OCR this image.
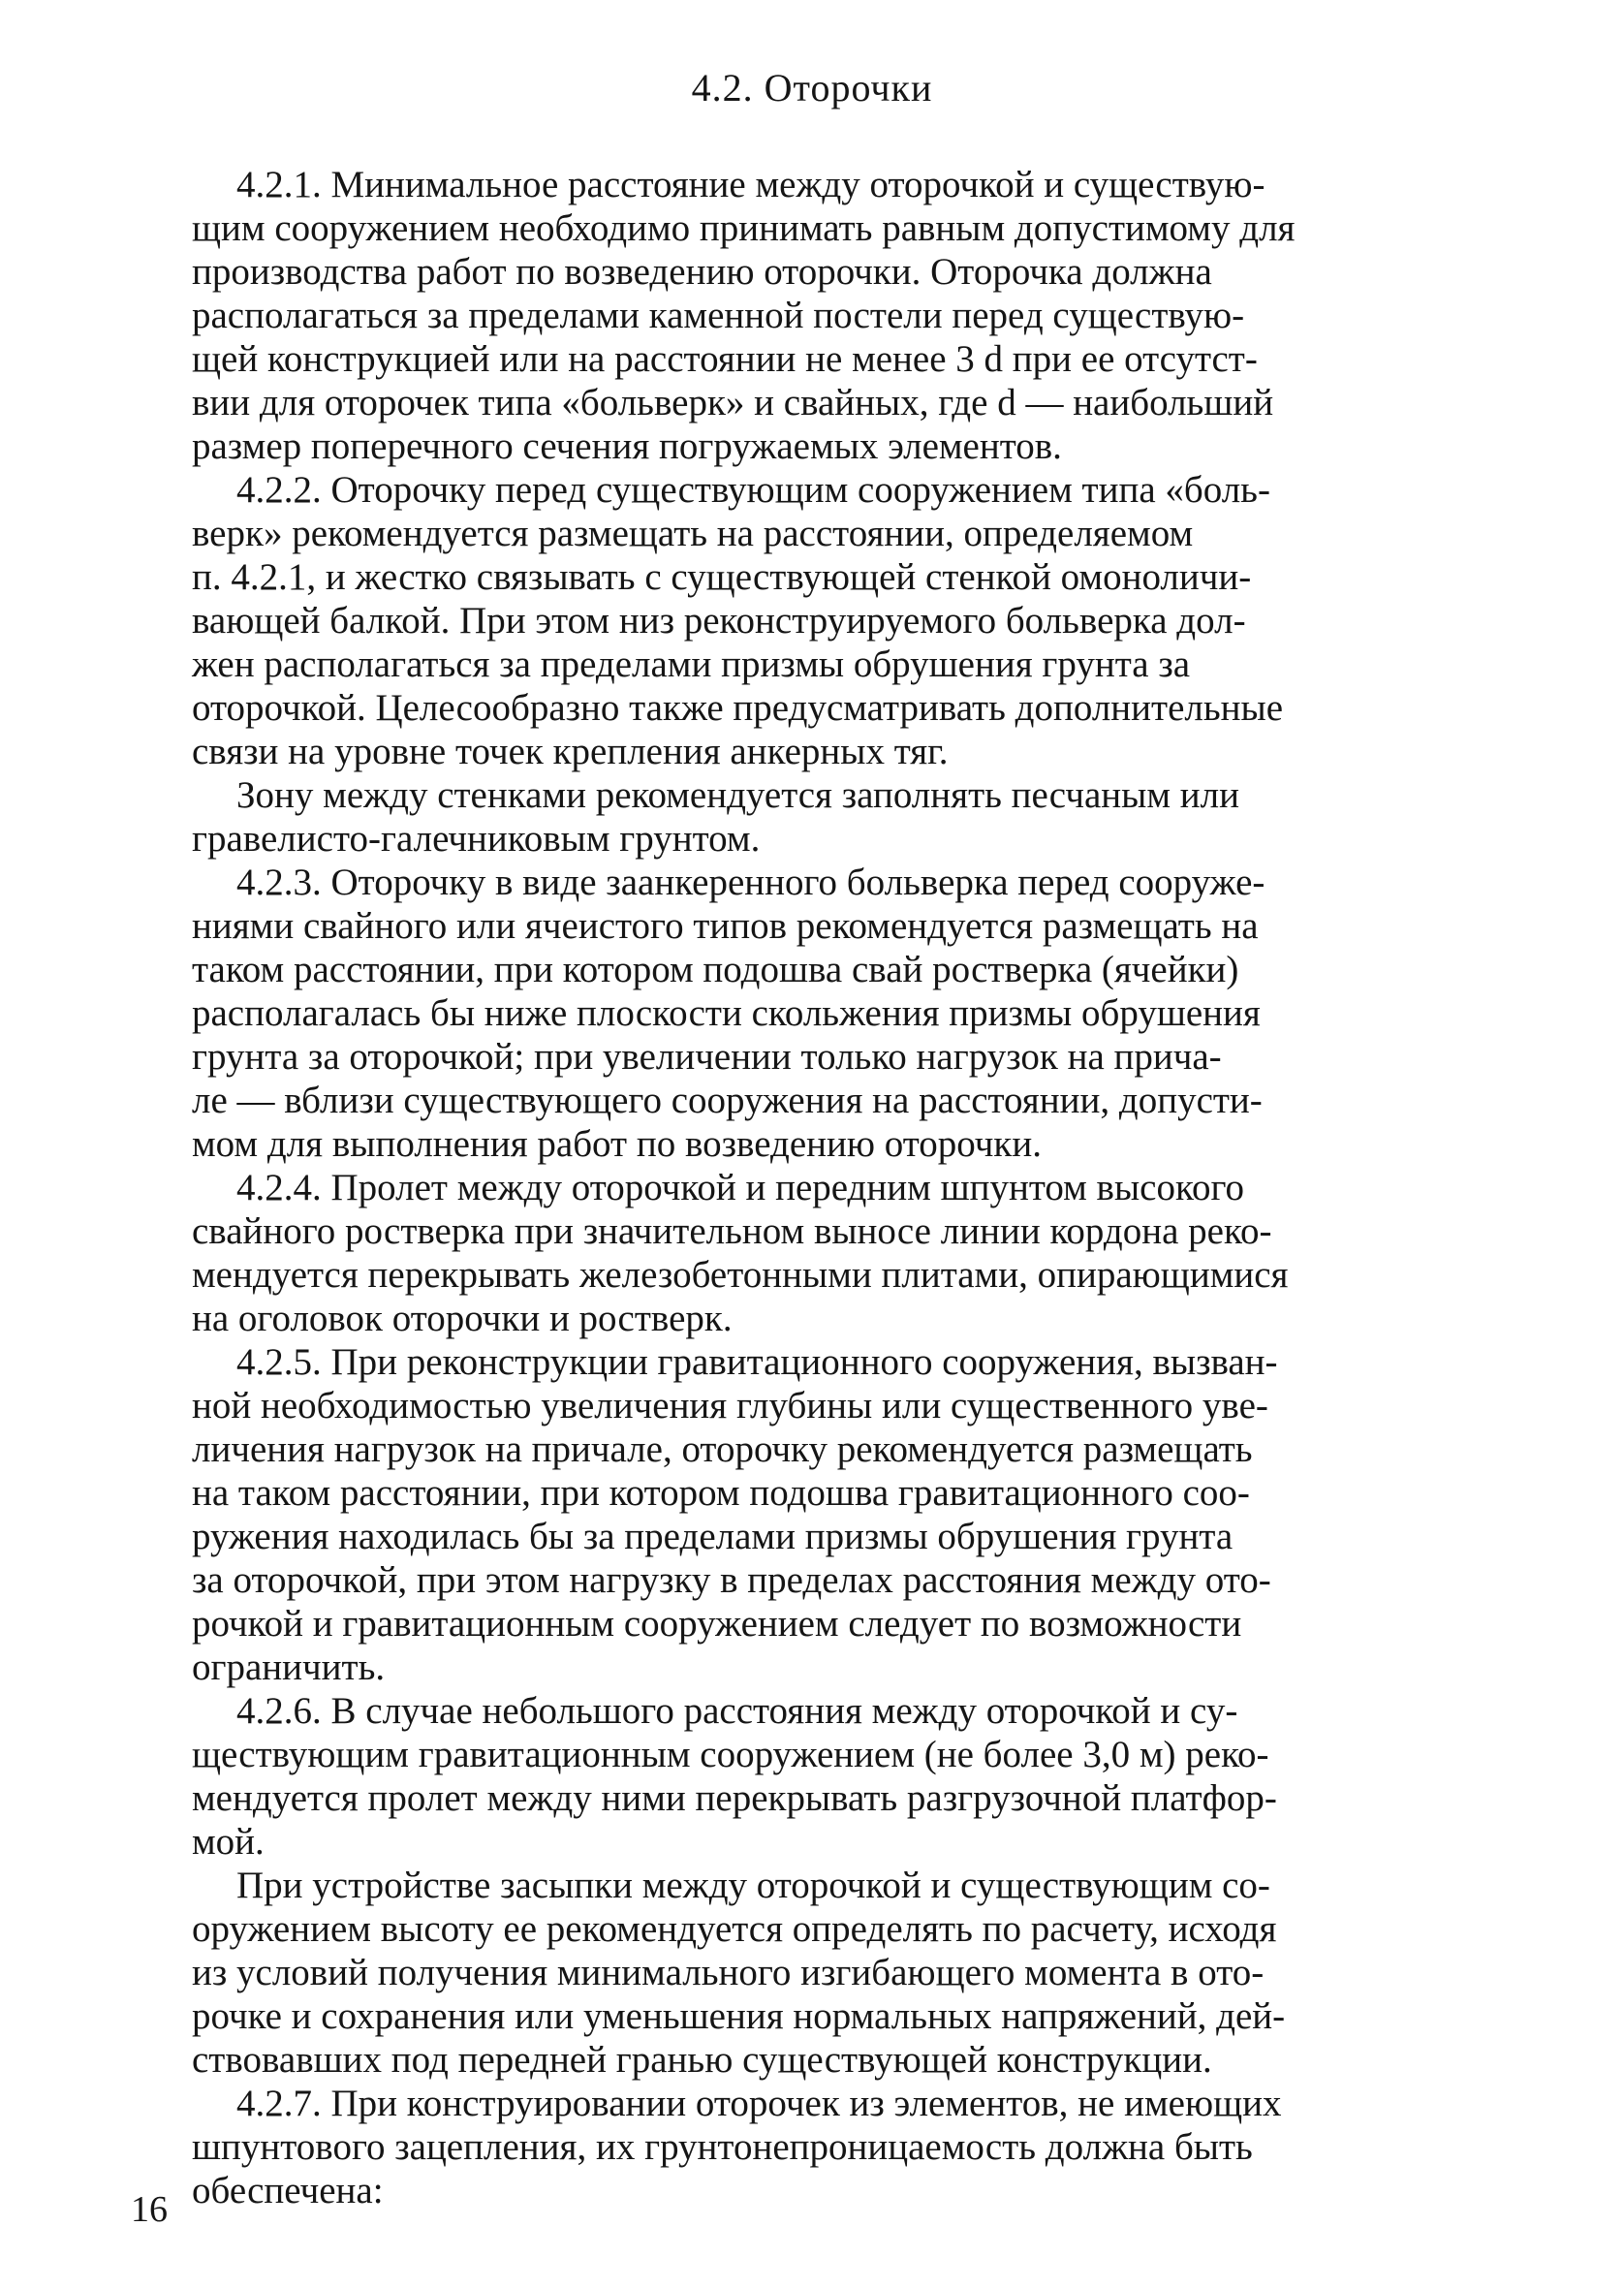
4.2. Оторочки

4.2.1. Минимальное расстояние между оторочкой и существую-
щим сооружением необходимо принимать равным допустимому для
производства работ по возведению оторочки. Оторочка должна
располагаться за пределами каменной постели перед существую-
щей конструкцией или на расстоянии не менее 3 d при ее отсутст-
вии для оторочек типа «больверк» и свайных, где d — наибольший
размер поперечного сечения погружаемых элементов.

4.2.2. Оторочку перед существующим сооружением типа «боль-
верк» рекомендуется размещать на расстоянии, определяемом
п. 4.2.1, и жестко связывать с существующей стенкой омоноличи-
вающей балкой. При этом низ реконструируемого больверка дол-
жен располагаться за пределами призмы обрушения грунта за
оторочкой. Целесообразно также предусматривать дополнительные
связи на уровне точек крепления анкерных тяг.

Зону между стенками рекомендуется заполнять песчаным или
гравелисто-галечниковым грунтом.

4.2.3. Оторочку в виде заанкеренного больверка перед сооруже-
ниями свайного или ячеистого типов рекомендуется размещать на
таком расстоянии, при котором подошва свай ростверка (ячейки)
располагалась бы ниже плоскости скольжения призмы обрушения
грунта за оторочкой; при увеличении только нагрузок на прича-
ле — вблизи существующего сооружения на расстоянии, допусти-
мом для выполнения работ по возведению оторочки.

4.2.4. Пролет между оторочкой и передним шпунтом высокого
свайного ростверка при значительном выносе линии кордона реко-
мендуется перекрывать железобетонными плитами, опирающимися
на оголовок оторочки и ростверк.

4.2.5. При реконструкции гравитационного сооружения, вызван-
ной необходимостью увеличения глубины или существенного уве-
личения нагрузок на причале, оторочку рекомендуется размещать
на таком расстоянии, при котором подошва гравитационного соо-
ружения находилась бы за пределами призмы обрушения грунта
за оторочкой, при этом нагрузку в пределах расстояния между ото-
рочкой и гравитационным сооружением следует по возможности
ограничить.

4.2.6. В случае небольшого расстояния между оторочкой и су-
ществующим гравитационным сооружением (не более 3,0 м) реко-
мендуется пролет между ними перекрывать разгрузочной платфор-
мой.

При устройстве засыпки между оторочкой и существующим со-
оружением высоту ее рекомендуется определять по расчету, исходя
из условий получения минимального изгибающего момента в ото-
рочке и сохранения или уменьшения нормальных напряжений, дей-
ствовавших под передней гранью существующей конструкции.

4.2.7. При конструировании оторочек из элементов, не имеющих
шпунтового зацепления, их грунтонепроницаемость должна быть
обеспечена:

16
